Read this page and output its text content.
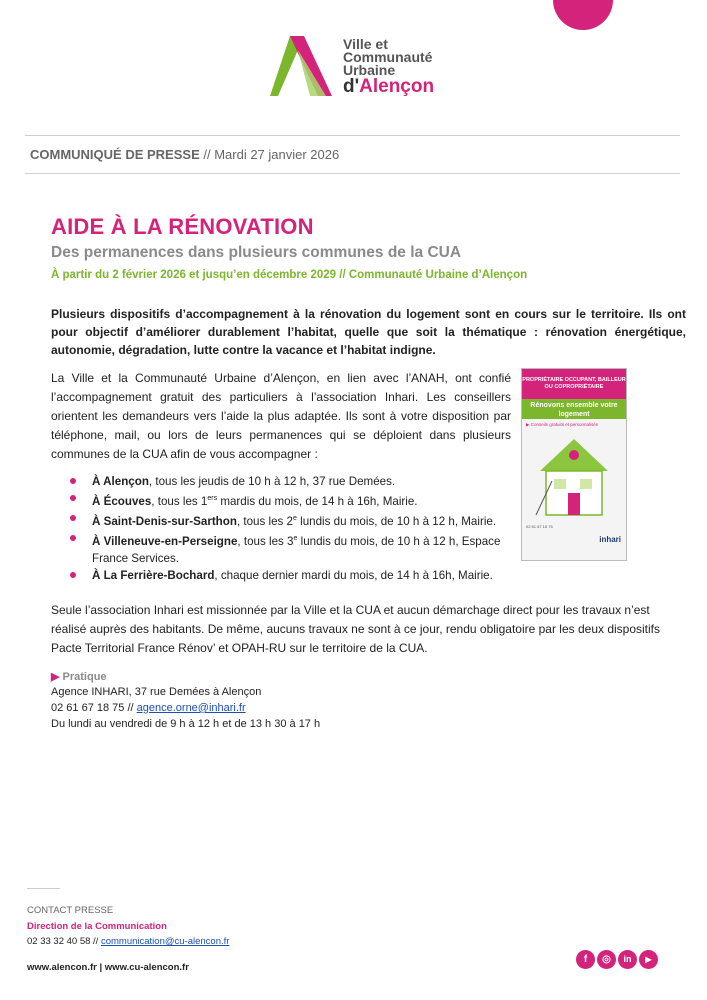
Ville et
Communauté
Urbaine
d'Alençon
COMMUNIQUÉ DE PRESSE // Mardi 27 janvier 2026
AIDE À LA RÉNOVATION
Des permanences dans plusieurs communes de la CUA
À partir du 2 février 2026 et jusqu’en décembre 2029 // Communauté Urbaine d’Alençon
Plusieurs dispositifs d’accompagnement à la rénovation du logement sont en cours sur le territoire. Ils ont pour objectif d’améliorer durablement l’habitat, quelle que soit la thématique : rénovation énergétique, autonomie, dégradation, lutte contre la vacance et l’habitat indigne.
La Ville et la Communauté Urbaine d’Alençon, en lien avec l’ANAH, ont confié l’accompagnement gratuit des particuliers à l’association Inhari. Les conseillers orientent les demandeurs vers l’aide la plus adaptée. Ils sont à votre disposition par téléphone, mail, ou lors de leurs permanences qui se déploient dans plusieurs communes de la CUA afin de vous accompagner :
À Alençon, tous les jeudis de 10 h à 12 h, 37 rue Demées.
À Écouves, tous les 1ers mardis du mois, de 14 h à 16h, Mairie.
À Saint-Denis-sur-Sarthon, tous les 2e lundis du mois, de 10 h à 12 h, Mairie.
À Villeneuve-en-Perseigne, tous les 3e lundis du mois, de 10 h à 12 h, Espace France Services.
À La Ferrière-Bochard, chaque dernier mardi du mois, de 14 h à 16h, Mairie.
PROPRIÉTAIRE OCCUPANT, BAILLEUR OU COPROPRIÉTAIRE
Rénovons ensemble votre logement
▶ Conseils gratuits et personnalisés
02 61 67 18 75
inhari
Seule l’association Inhari est missionnée par la Ville et la CUA et aucun démarchage direct pour les travaux n’est réalisé auprès des habitants. De même, aucuns travaux ne sont à ce jour, rendu obligatoire par les deux dispositifs Pacte Territorial France Rénov’ et OPAH-RU sur le territoire de la CUA.
▶ Pratique
Agence INHARI, 37 rue Demées à Alençon
02 61 67 18 75 // agence.orne@inhari.fr
Du lundi au vendredi de 9 h à 12 h et de 13 h 30 à 17 h
CONTACT PRESSE
Direction de la Communication
02 33 32 40 58 // communication@cu-alencon.fr
www.alencon.fr | www.cu-alencon.fr
f	◎	in	▶
